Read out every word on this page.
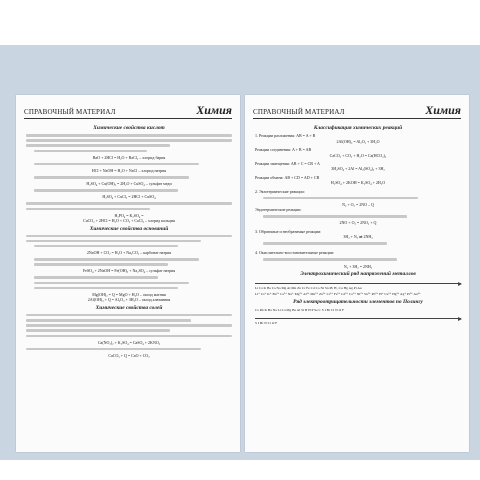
СПРАВОЧНЫЙ МАТЕРИАЛ	Химия
Химические свойства кислот
BaO + 2HCl = H₂O + BaCl₂ – хлорид бария
HCl + NaOH = H₂O + NaCl – хлорид натрия
H₂SO₄ + Cu(OH)₂ = 2H₂O + CuSO₄ – сульфат меди
H₂SO₄ + CuCl₂ = 2HCl + CuSO₄
H₂PO₄ = K₂SO₄ =
CaCO₃ + 2HCl = H₂O + CO₂ + CaCl₂ – хлорид кальция
Химические свойства оснований
2NaOH + CO₂ = H₂O + Na₂CO₃ – карбонат натрия
FeSO₄ + 2NaOH = Fe(OH)₂ + Na₂SO₄ – сульфат натрия
Mg(OH)₂ = Q = MgO + H₂O – оксид магния
2Al(OH)₃ + Q = Al₂O₃ + 3H₂O – оксид алюминия
Химические свойства солей
Ca(NO₃)₂ + K₂SO₄ = CaSO₄ + 2KNO₃
CaCO₃ + Q = CaO + CO₂
СПРАВОЧНЫЙ МАТЕРИАЛ	Химия
Классификация химических реакций
1. Реакции разложения: AB = A + B
2Al(OH)₃ = Al₂O₃ + 3H₂O
Реакции соединения: A + B = AB
CaCO₃ + CO₂ + H₂O = Ca(HCO₃)₂
Реакции замещения: AB + C = CB + A
3H₂SO₄ + 2Al = Al₂(SO₄)₃ + 3H₂
Реакции обмена: AB + CD = AD + CB
H₂SO₄ + 2KOH = K₂SO₄ + 2H₂O
2. Экзотермические реакции:
N₂ + O₂ = 2NO – Q
Эндотермические реакции:
2NO + O₂ = 2NO₂ + Q
3. Обратимые и необратимые реакции:
3H₂ + N₂ ⇄ 2NH₃
4. Окислительно-восстановительные реакции:
N₂ + 3H₂ = 2NH₃
Электрохимический ряд напряжений металлов
Li Cs K Ba Ca Na Mg Al Mn Zn Cr Fe Cd Co Ni Sn Pb H₂ Cu Hg Ag Pt Au
Li⁺ Cs⁺ K⁺ Ba²⁺ Ca²⁺ Na⁺ Mg²⁺ Al³⁺ Mn²⁺ Zn²⁺ Cr³⁺ Fe²⁺ Cd²⁺ Co²⁺ Ni²⁺ Sn²⁺ Pb²⁺ H⁺ Cu²⁺ Hg²⁺ Ag⁺ Pt²⁺ Au³⁺
Ряд электроотрицательности элементов по Полингу
Cs Rb K Ba Na Li Ca Mg Be Al Si B H P Se C S I Br Cl N O F
S I Br N Cl O F
